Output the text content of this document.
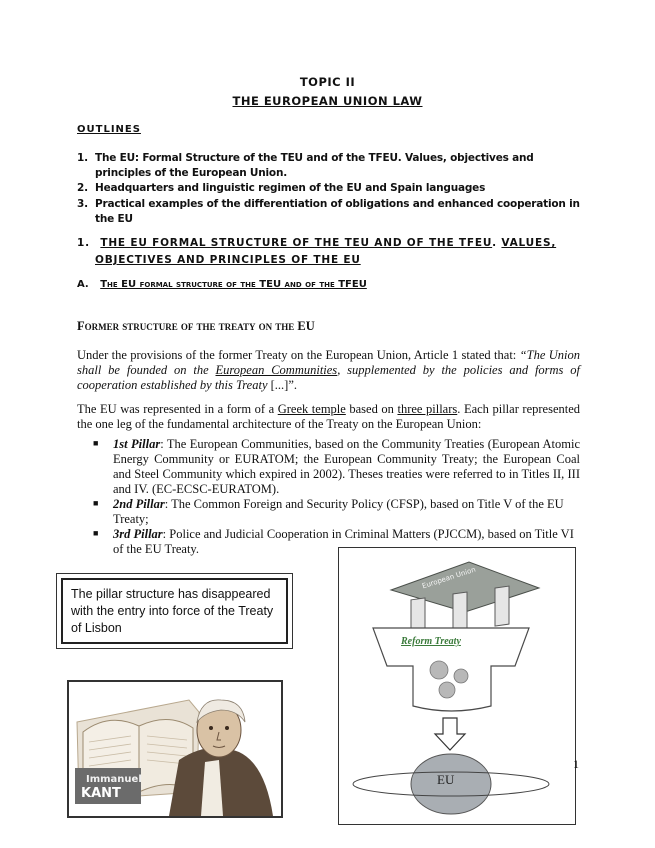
TOPIC II
THE EUROPEAN UNION LAW
OUTLINES
1. The EU: Formal Structure of the TEU and of the TFEU. Values, objectives and principles of the European Union.
2. Headquarters and linguistic regimen of the EU and Spain languages
3. Practical examples of the differentiation of obligations and enhanced cooperation in the EU
1. THE EU FORMAL STRUCTURE OF THE TEU AND OF THE TFEU. VALUES,
OBJECTIVES AND PRINCIPLES OF THE EU
A. The EU formal structure of the TEU and of the TFEU
Former structure of the treaty on the EU
Under the provisions of the former Treaty on the European Union, Article 1 stated that: “The Union shall be founded on the European Communities, supplemented by the policies and forms of cooperation established by this Treaty [...]”.
The EU was represented in a form of a Greek temple based on three pillars. Each pillar represented the one leg of the fundamental architecture of the Treaty on the European Union:
■ 1st Pillar: The European Communities, based on the Community Treaties (European Atomic Energy Community or EURATOM; the European Community Treaty; the European Coal and Steel Community which expired in 2002). Theses treaties were referred to in Titles II, III and IV. (EC-ECSC-EURATOM).
■ 2nd Pillar: The Common Foreign and Security Policy (CFSP), based on Title V of the EU Treaty;
■ 3rd Pillar: Police and Judicial Cooperation in Criminal Matters (PJCCM), based on Title VI of the EU Treaty.
The pillar structure has disappeared with the entry into force of the Treaty of Lisbon
Immanuel
KANT
European Union
Reform Treaty
EU
1
